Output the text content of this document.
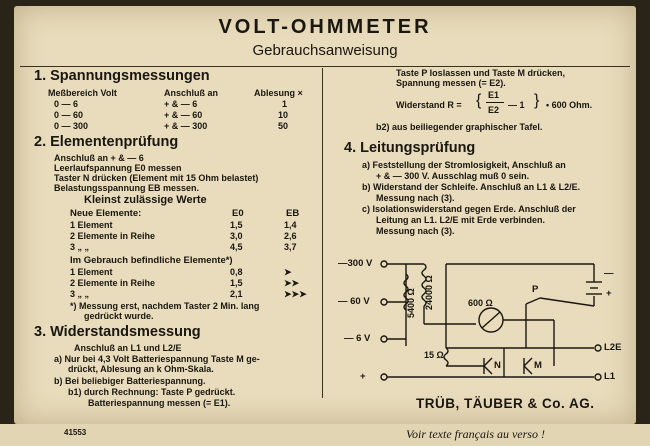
VOLT-OHMMETER
Gebrauchsanweisung
1. Spannungsmessungen
Meßbereich Volt	Anschluß an	Ablesung ×
0 — 6	+ & — 6	1
0 — 60	+ & — 60	10
0 — 300	+ & — 300	50
2. Elementenprüfung
Anschluß an + & — 6
Leerlaufspannung E0 messen
Taster N drücken (Element mit 15 Ohm belastet)
Belastungsspannung EB messen.
Kleinst zulässige Werte
Neue Elemente:	E0	EB
1 Element	1,5	1,4
2 Elemente in Reihe	3,0	2,6
3 „ „	4,5	3,7
Im Gebrauch befindliche Elemente*)
1 Element	0,8	➤
2 Elemente in Reihe	1,5	➤➤
3 „ „	2,1	➤➤➤
*) Messung erst, nachdem Taster 2 Min. lang
gedrückt wurde.
3. Widerstandsmessung
Anschluß an L1 und L2/E
a) Nur bei 4,3 Volt Batteriespannung Taste M ge-
drückt, Ablesung an k Ohm-Skala.
b) Bei beliebiger Batteriespannung.
b1) durch Rechnung: Taste P gedrückt.
Batteriespannung messen (= E1).
Taste P loslassen und Taste M drücken,
Spannung messen (= E2).
Widerstand R = { E1
E2 — 1 } • 600 Ohm.
b2) aus beiliegender graphischer Tafel.
4. Leitungsprüfung
a) Feststellung der Stromlosigkeit, Anschluß an
+ & — 300 V. Ausschlag muß 0 sein.
b) Widerstand der Schleife. Anschluß an L1 & L2/E.
Messung nach (3).
c) Isolationswiderstand gegen Erde. Anschluß der
Leitung an L1. L2/E mit Erde verbinden.
Messung nach (3).
—300 V
— 60 V
— 6 V
+
5400 Ω 24000 Ω	600 Ω
15 Ω
P
N	M
L2E
L1
+
—
TRÜB, TÄUBER & Co. AG.
41553	Voir texte français au verso !
